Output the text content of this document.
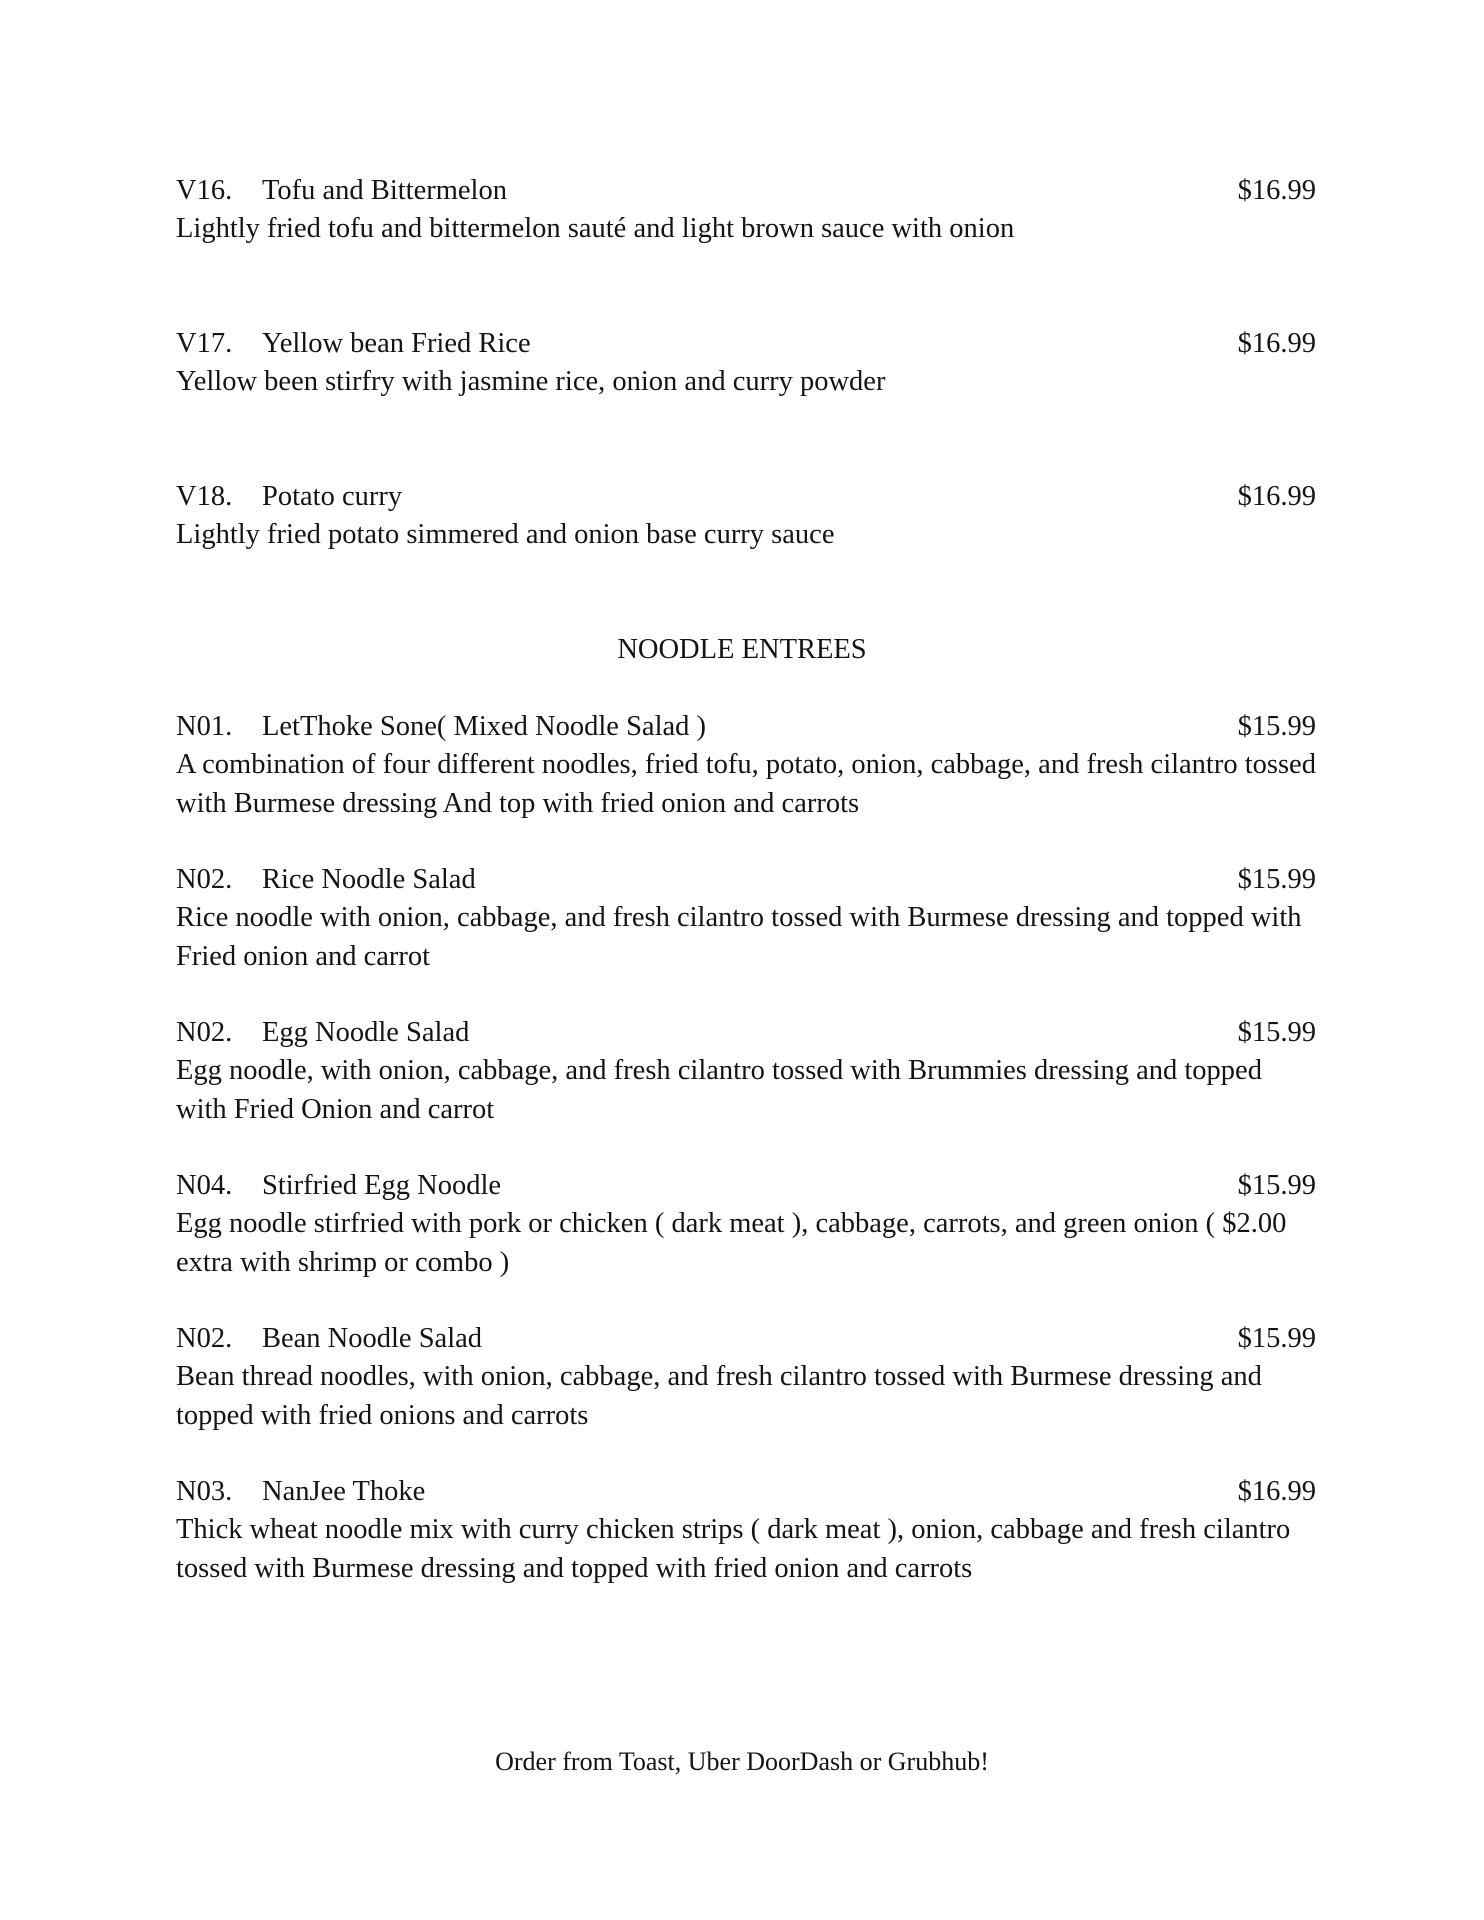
V16. Tofu and Bittermelon	$16.99
Lightly fried tofu and bittermelon sauté and light brown sauce with onion
V17. Yellow bean Fried Rice	$16.99
Yellow been stirfry with jasmine rice, onion and curry powder
V18. Potato curry	$16.99
Lightly fried potato simmered and onion base curry sauce
NOODLE ENTREES
N01. LetThoke Sone( Mixed Noodle Salad )	$15.99
A combination of four different noodles, fried tofu, potato, onion, cabbage, and fresh cilantro tossed with Burmese dressing And top with fried onion and carrots
N02. Rice Noodle Salad	$15.99
Rice noodle with onion, cabbage, and fresh cilantro tossed with Burmese dressing and topped with Fried onion and carrot
N02. Egg Noodle Salad	$15.99
Egg noodle, with onion, cabbage, and fresh cilantro tossed with Brummies dressing and topped with Fried Onion and carrot
N04. Stirfried Egg Noodle	$15.99
Egg noodle stirfried with pork or chicken ( dark meat ), cabbage, carrots, and green onion ( $2.00 extra with shrimp or combo )
N02. Bean Noodle Salad	$15.99
Bean thread noodles, with onion, cabbage, and fresh cilantro tossed with Burmese dressing and topped with fried onions and carrots
N03. NanJee Thoke	$16.99
Thick wheat noodle mix with curry chicken strips ( dark meat ), onion, cabbage and fresh cilantro tossed with Burmese dressing and topped with fried onion and carrots
Order from Toast, Uber DoorDash or Grubhub!
